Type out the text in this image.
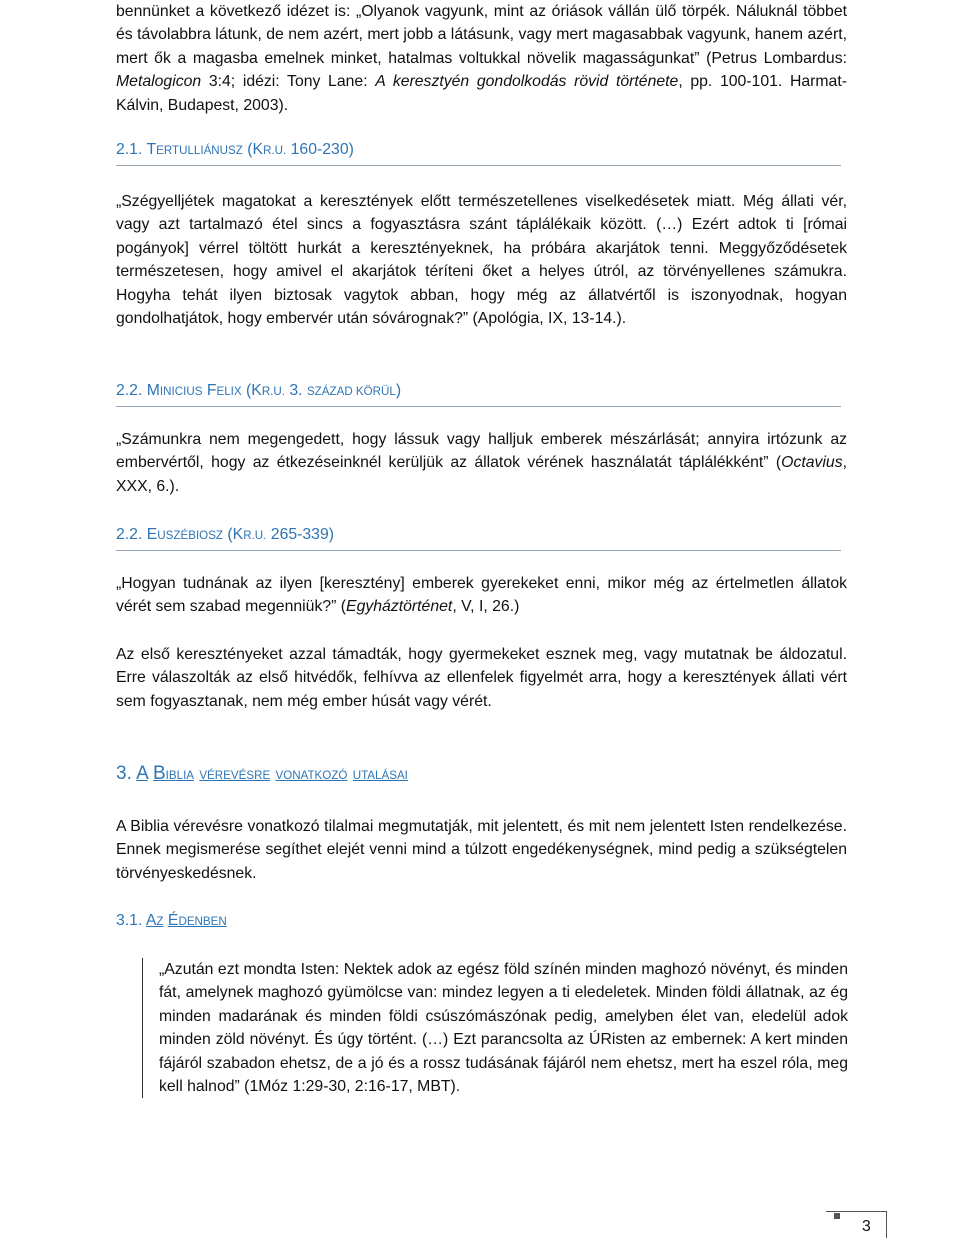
bennünket a következő idézet is: „Olyanok vagyunk, mint az óriások vállán ülő törpék. Náluknál többet és távolabbra látunk, de nem azért, mert jobb a látásunk, vagy mert magasabbak vagyunk, hanem azért, mert ők a magasba emelnek minket, hatalmas voltukkal növelik magasságunkat” (Petrus Lombardus: Metalogicon 3:4; idézi: Tony Lane: A keresztyén gondolkodás rövid története, pp. 100-101. Harmat-Kálvin, Budapest, 2003).

2.1. TERTULLIÁNUSZ (KR.U. 160-230)

„Szégyelljétek magatokat a keresztények előtt természetellenes viselkedésetek miatt. Még állati vér, vagy azt tartalmazó étel sincs a fogyasztásra szánt táplálékaik között. (…) Ezért adtok ti [római pogányok] vérrel töltött hurkát a keresztényeknek, ha próbára akarjátok tenni. Meggyőződésetek természetesen, hogy amivel el akarjátok téríteni őket a helyes útról, az törvényellenes számukra. Hogyha tehát ilyen biztosak vagytok abban, hogy még az állatvértől is iszonyodnak, hogyan gondolhatjátok, hogy embervér után sóvárognak?” (Apológia, IX, 13-14.).

2.2. MINICIUS FELIX (KR.U. 3. SZÁZAD KÖRÜL)

„Számunkra nem megengedett, hogy lássuk vagy halljuk emberek mészárlását; annyira irtózunk az embervértől, hogy az étkezéseinknél kerüljük az állatok vérének használatát táplálékként” (Octavius, XXX, 6.).

2.2. EUSZÉBIOSZ (KR.U. 265-339)

„Hogyan tudnának az ilyen [keresztény] emberek gyerekeket enni, mikor még az értelmetlen állatok vérét sem szabad megenniük?” (Egyháztörténet, V, I, 26.)

Az első keresztényeket azzal támadták, hogy gyermekeket esznek meg, vagy mutatnak be áldozatul. Erre válaszolták az első hitvédők, felhívva az ellenfelek figyelmét arra, hogy a keresztények állati vért sem fogyasztanak, nem még ember húsát vagy vérét.

3. A BIBLIA VÉREVÉSRE VONATKOZÓ UTALÁSAI

A Biblia vérevésre vonatkozó tilalmai megmutatják, mit jelentett, és mit nem jelentett Isten rendelkezése. Ennek megismerése segíthet elejét venni mind a túlzott engedékenységnek, mind pedig a szükségtelen törvényeskedésnek.

3.1. AZ ÉDENBEN

„Azután ezt mondta Isten: Nektek adok az egész föld színén minden maghozó növényt, és minden fát, amelynek maghozó gyümölcse van: mindez legyen a ti eledeletek. Minden földi állatnak, az ég minden madarának és minden földi csúszómászónak pedig, amelyben élet van, eledelül adok minden zöld növényt. És úgy történt. (…) Ezt parancsolta az ÚRisten az embernek: A kert minden fájáról szabadon ehetsz, de a jó és a rossz tudásának fájáról nem ehetsz, mert ha eszel róla, meg kell halnod” (1Móz 1:29-30, 2:16-17, MBT).

3
